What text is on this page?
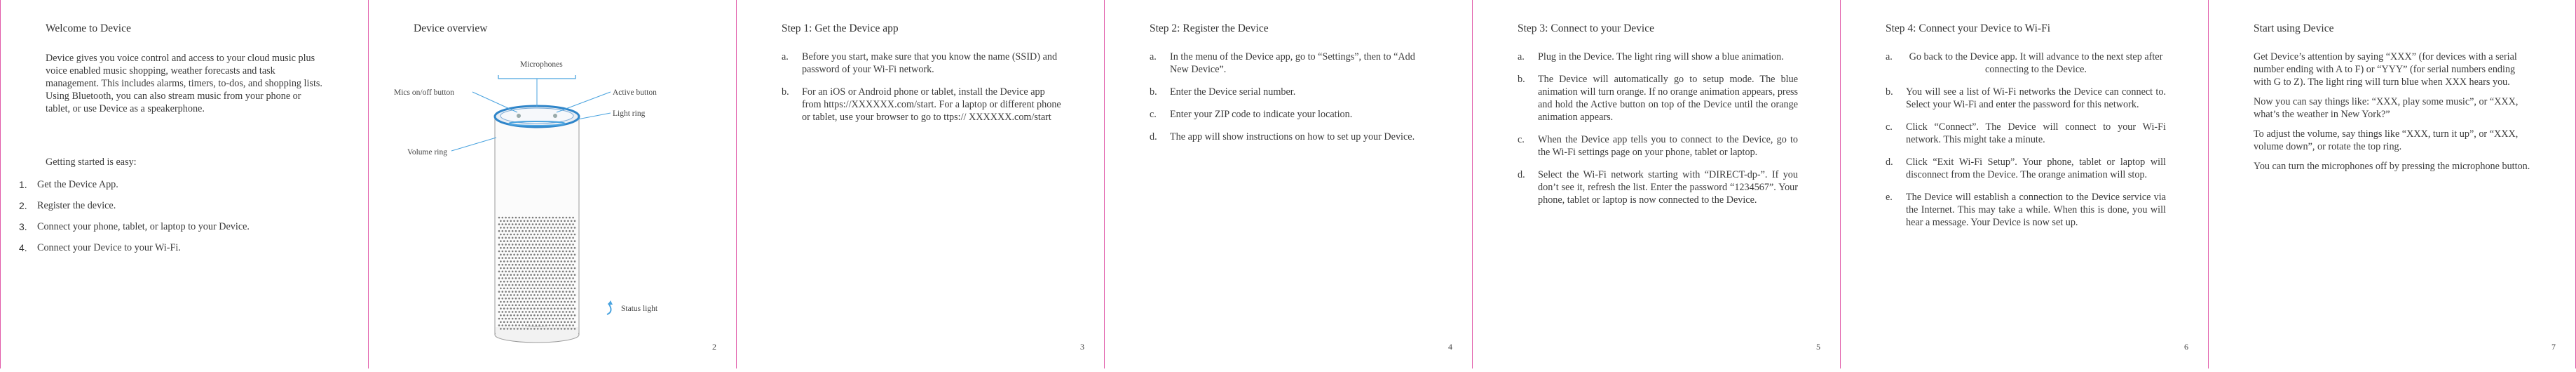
Welcome to Device

Device gives you voice control and access to your cloud music plus voice enabled music shopping, weather forecasts and task management. This includes alarms, timers, to-dos, and shopping lists. Using Bluetooth, you can also stream music from your phone or tablet, or use Device as a speakerphone.

Getting started is easy:

1.	Get the Device App.
2.	Register the device.
3.	Connect your phone, tablet, or laptop to your Device.
4.	Connect your Device to your Wi-Fi.
Device overview
Microphones
Mics on/off button	Active button
Light ring
Volume ring
Status light
2
Step 1: Get the Device app
a.	Before you start, make sure that you know the name (SSID) and password of your Wi-Fi network.
b.	For an iOS or Android phone or tablet, install the Device app from https://XXXXXX.com/start. For a laptop or different phone or tablet, use your browser to go to ttps:// XXXXXX.com/start
3
Step 2: Register the Device
a.	In the menu of the Device app, go to “Settings”, then to “Add New Device”.
b.	Enter the Device serial number.
c.	Enter your ZIP code to indicate your location.
d.	The app will show instructions on how to set up your Device.
4
Step 3: Connect to your Device
a.	Plug in the Device. The light ring will show a blue animation.
b.	The Device will automatically go to setup mode. The blue animation will turn orange. If no orange animation appears, press and hold the Active button on top of the Device until the orange animation appears.
c.	When the Device app tells you to connect to the Device, go to the Wi-Fi settings page on your phone, tablet or laptop.
d.	Select the Wi-Fi network starting with “DIRECT-dp-”. If you don’t see it, refresh the list. Enter the password “1234567”. Your phone, tablet or laptop is now connected to the Device.
5
Step 4: Connect your Device to Wi-Fi
a.	Go back to the Device app. It will advance to the next step after connecting to the Device.
b.	You will see a list of Wi-Fi networks the Device can connect to. Select your Wi-Fi and enter the password for this network.
c.	Click “Connect”. The Device will connect to your Wi-Fi network. This might take a minute.
d.	Click “Exit Wi-Fi Setup”. Your phone, tablet or laptop will disconnect from the Device. The orange animation will stop.
e.	The Device will establish a connection to the Device service via the Internet. This may take a while. When this is done, you will hear a message. Your Device is now set up.
6
Start using Device

Get Device’s attention by saying “XXX” (for devices with a serial number ending with A to F) or “YYY” (for serial numbers ending with G to Z). The light ring will turn blue when XXX hears you.

Now you can say things like: “XXX, play some music”, or “XXX, what’s the weather in New York?”

To adjust the volume, say things like “XXX, turn it up”, or “XXX, volume down”, or rotate the top ring.

You can turn the microphones off by pressing the microphone button.

7
